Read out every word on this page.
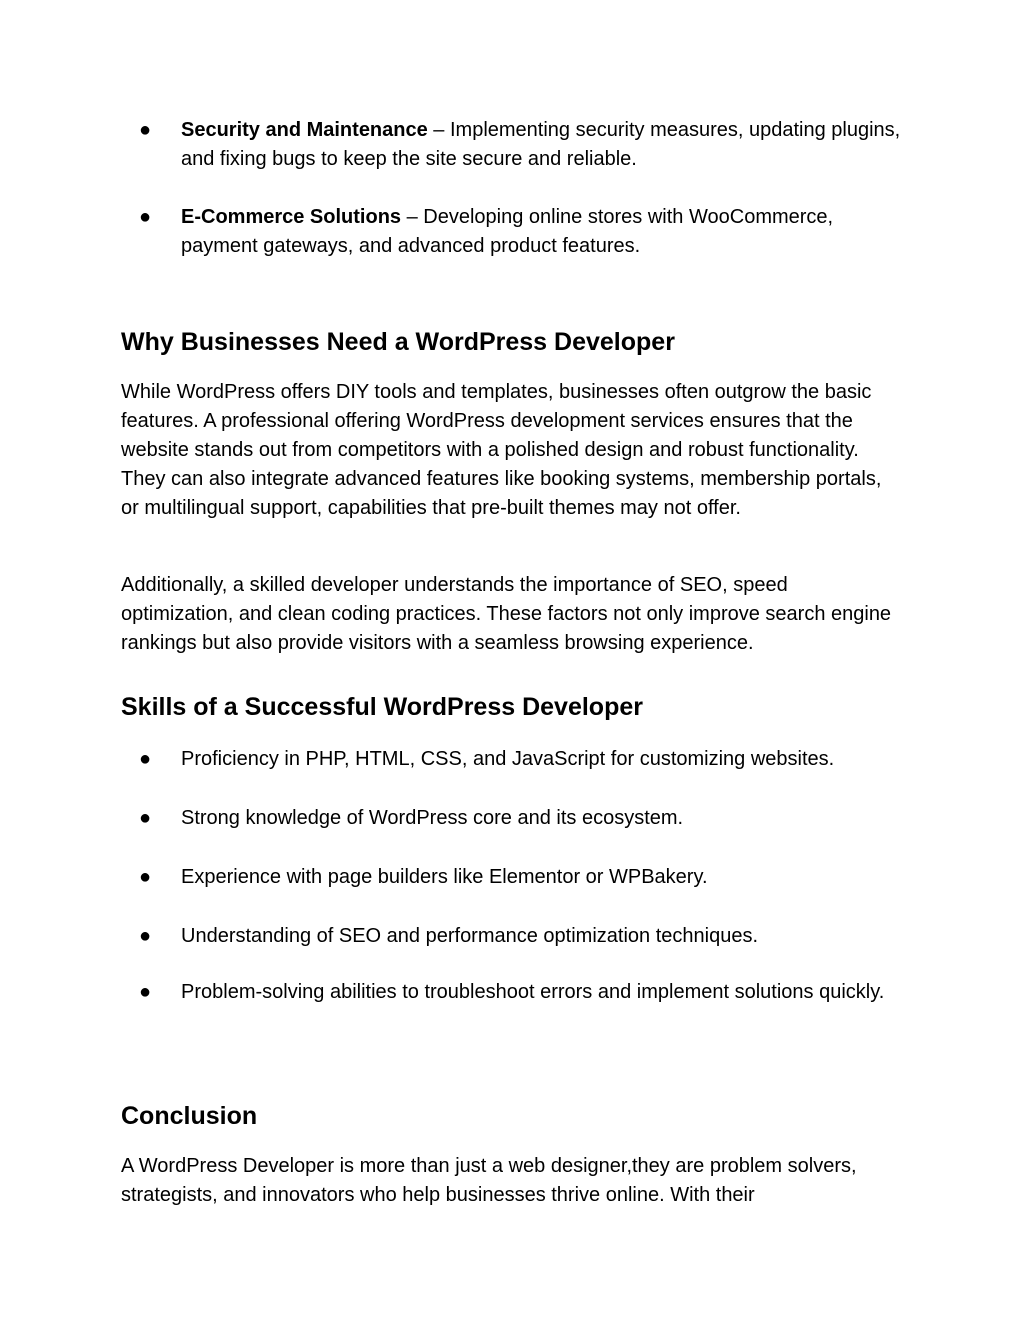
● Security and Maintenance – Implementing security measures, updating plugins, and fixing bugs to keep the site secure and reliable.
● E-Commerce Solutions – Developing online stores with WooCommerce, payment gateways, and advanced product features.
Why Businesses Need a WordPress Developer

While WordPress offers DIY tools and templates, businesses often outgrow the basic features. A professional offering WordPress development services ensures that the website stands out from competitors with a polished design and robust functionality. They can also integrate advanced features like booking systems, membership portals, or multilingual support, capabilities that pre-built themes may not offer.

Additionally, a skilled developer understands the importance of SEO, speed optimization, and clean coding practices. These factors not only improve search engine rankings but also provide visitors with a seamless browsing experience.

Skills of a Successful WordPress Developer
● Proficiency in PHP, HTML, CSS, and JavaScript for customizing websites.
● Strong knowledge of WordPress core and its ecosystem.
● Experience with page builders like Elementor or WPBakery.
● Understanding of SEO and performance optimization techniques.
● Problem-solving abilities to troubleshoot errors and implement solutions quickly.
Conclusion

A WordPress Developer is more than just a web designer,they are problem solvers, strategists, and innovators who help businesses thrive online. With their
